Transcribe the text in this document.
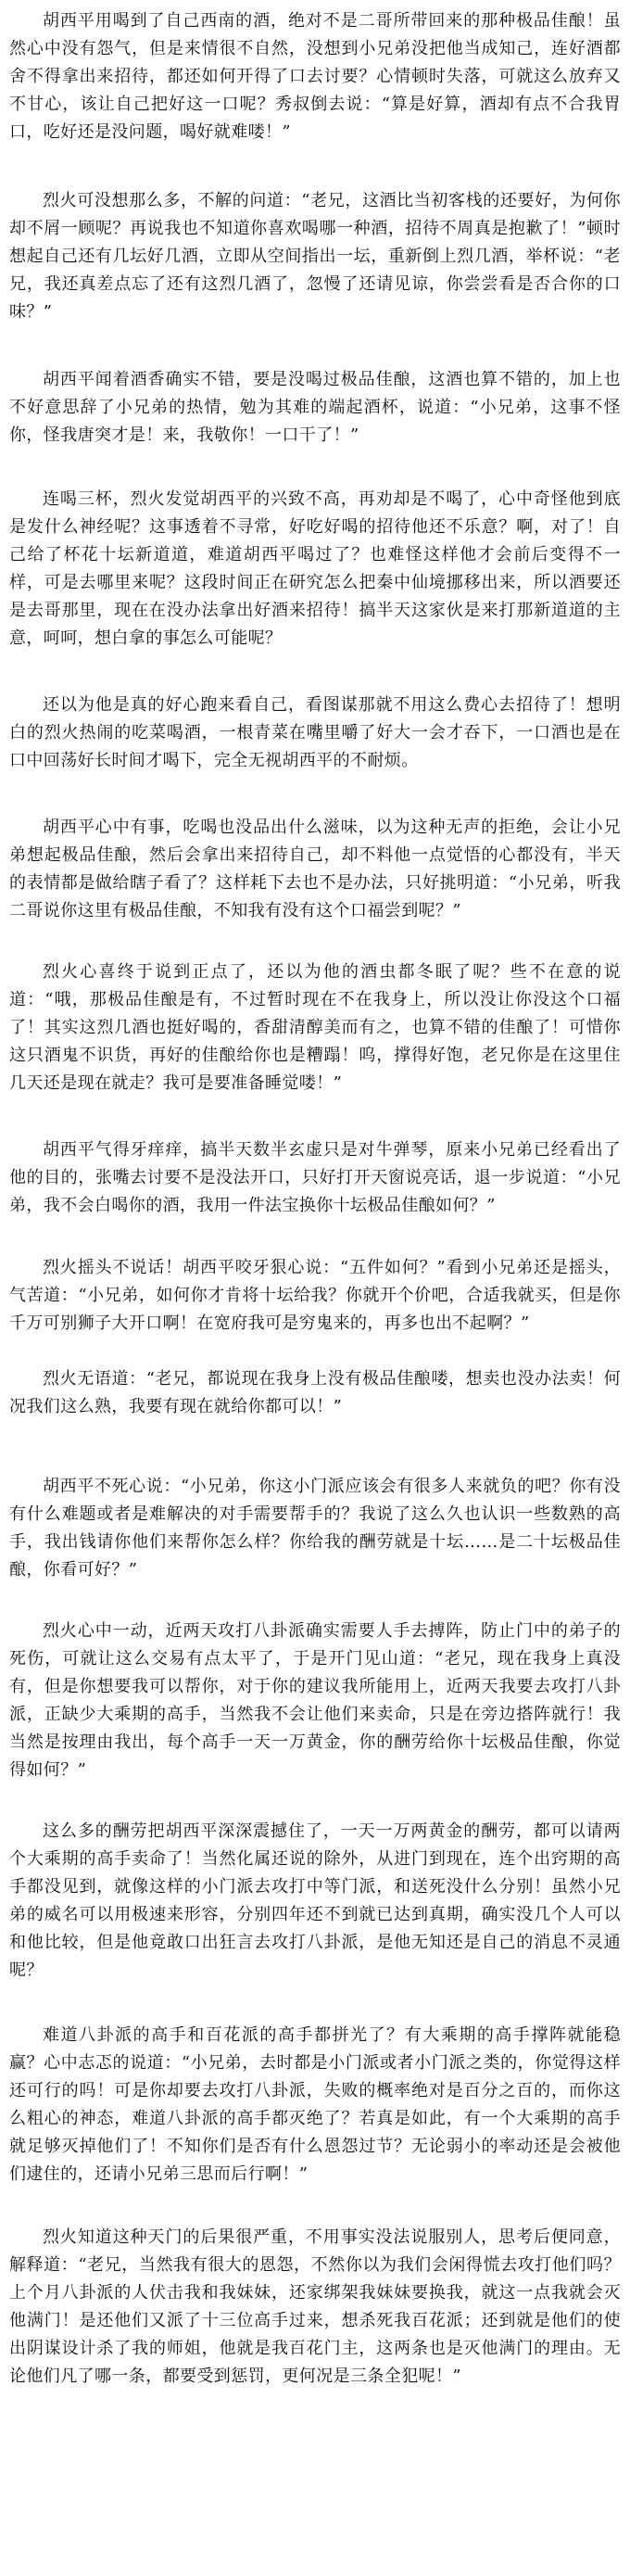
胡西平用喝到了自己西南的酒，绝对不是二哥所带回来的那种极品佳酿！虽然心中没有怨气，但是来情很不自然，没想到小兄弟没把他当成知己，连好酒都舍不得拿出来招待，都还如何开得了口去讨要？心情顿时失落，可就这么放弃又不甘心，该让自己把好这一口呢？秀叔倒去说：“算是好算，酒却有点不合我胃口，吃好还是没问题，喝好就难喽！”

烈火可没想那么多，不解的问道：“老兄，这酒比当初客栈的还要好，为何你却不屑一顾呢？再说我也不知道你喜欢喝哪一种酒，招待不周真是抱歉了！”顿时想起自己还有几坛好几酒，立即从空间指出一坛，重新倒上烈几酒，举杯说：“老兄，我还真差点忘了还有这烈几酒了，忽慢了还请见谅，你尝尝看是否合你的口味？”

胡西平闻着酒香确实不错，要是没喝过极品佳酿，这酒也算不错的，加上也不好意思辞了小兄弟的热情，勉为其难的端起酒杯，说道：“小兄弟，这事不怪你，怪我唐突才是！来，我敬你！一口干了！”

连喝三杯，烈火发觉胡西平的兴致不高，再劝却是不喝了，心中奇怪他到底是发什么神经呢？这事透着不寻常，好吃好喝的招待他还不乐意？啊，对了！自己给了杯花十坛新道道，难道胡西平喝过了？也难怪这样他才会前后变得不一样，可是去哪里来呢？这段时间正在研究怎么把秦中仙境挪移出来，所以酒要还是去哥那里，现在在没办法拿出好酒来招待！搞半天这家伙是来打那新道道的主意，呵呵，想白拿的事怎么可能呢？

还以为他是真的好心跑来看自己，看图谋那就不用这么费心去招待了！想明白的烈火热闹的吃菜喝酒，一根青菜在嘴里嚼了好大一会才吞下，一口酒也是在口中回荡好长时间才喝下，完全无视胡西平的不耐烦。

胡西平心中有事，吃喝也没品出什么滋味，以为这种无声的拒绝，会让小兄弟想起极品佳酿，然后会拿出来招待自己，却不料他一点觉悟的心都没有，半天的表情都是做给瞎子看了？这样耗下去也不是办法，只好挑明道：“小兄弟，听我二哥说你这里有极品佳酿，不知我有没有这个口福尝到呢？”

烈火心喜终于说到正点了，还以为他的酒虫都冬眠了呢？些不在意的说道：“哦，那极品佳酿是有，不过暂时现在不在我身上，所以没让你没这个口福了！其实这烈几酒也挺好喝的，香甜清醇美而有之，也算不错的佳酿了！可惜你这只酒鬼不识货，再好的佳酿给你也是糟蹋！呜，撑得好饱，老兄你是在这里住几天还是现在就走？我可是要准备睡觉喽！”

胡西平气得牙痒痒，搞半天数半玄虚只是对牛弹琴，原来小兄弟已经看出了他的目的，张嘴去讨要不是没法开口，只好打开天窗说亮话，退一步说道：“小兄弟，我不会白喝你的酒，我用一件法宝换你十坛极品佳酿如何？”

烈火摇头不说话！胡西平咬牙狠心说：“五件如何？”看到小兄弟还是摇头，气苦道：“小兄弟，如何你才肯将十坛给我？你就开个价吧，合适我就买，但是你千万可别狮子大开口啊！在宽府我可是穷鬼来的，再多也出不起啊？”

烈火无语道：“老兄，都说现在我身上没有极品佳酿喽，想卖也没办法卖！何况我们这么熟，我要有现在就给你都可以！”

胡西平不死心说：“小兄弟，你这小门派应该会有很多人来就负的吧？你有没有什么难题或者是难解决的对手需要帮手的？我说了这么久也认识一些数熟的高手，我出钱请你他们来帮你怎么样？你给我的酬劳就是十坛……是二十坛极品佳酿，你看可好？”

烈火心中一动，近两天攻打八卦派确实需要人手去搏阵，防止门中的弟子的死伤，可就让这么交易有点太平了，于是开门见山道：“老兄，现在我身上真没有，但是你想要我可以帮你，对于你的建议我所能用上，近两天我要去攻打八卦派，正缺少大乘期的高手，当然我不会让他们来卖命，只是在旁边搭阵就行！我当然是按理由我出，每个高手一天一万黄金，你的酬劳给你十坛极品佳酿，你觉得如何？”

这么多的酬劳把胡西平深深震撼住了，一天一万两黄金的酬劳，都可以请两个大乘期的高手卖命了！当然化属还说的除外，从进门到现在，连个出窍期的高手都没见到，就像这样的小门派去攻打中等门派，和送死没什么分别！虽然小兄弟的威名可以用极速来形容，分别四年还不到就已达到真期，确实没几个人可以和他比较，但是他竟敢口出狂言去攻打八卦派，是他无知还是自己的消息不灵通呢？

难道八卦派的高手和百花派的高手都拼光了？有大乘期的高手撑阵就能稳赢？心中志忑的说道：“小兄弟，去时都是小门派或者小门派之类的，你觉得这样还可行的吗！可是你却要去攻打八卦派，失败的概率绝对是百分之百的，而你这么粗心的神态，难道八卦派的高手都灭绝了？若真是如此，有一个大乘期的高手就足够灭掉他们了！不知你们是否有什么恩怨过节？无论弱小的率动还是会被他们逮住的，还请小兄弟三思而后行啊！”

烈火知道这种天门的后果很严重，不用事实没法说服别人，思考后便同意，解释道：“老兄，当然我有很大的恩怨，不然你以为我们会闲得慌去攻打他们吗？上个月八卦派的人伏击我和我妹妹，还家绑架我妹妹要换我，就这一点我就会灭他满门！是还他们又派了十三位高手过来，想杀死我百花派；还到就是他们的使出阴谋设计杀了我的师姐，他就是我百花门主，这两条也是灭他满门的理由。无论他们凡了哪一条，都要受到惩罚，更何况是三条全犯呢！”
